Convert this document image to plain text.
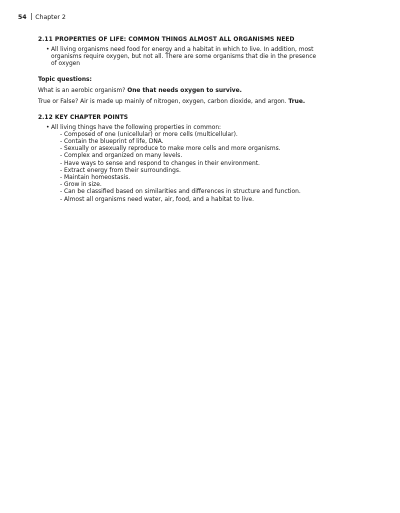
54 Chapter 2
2.11 PROPERTIES OF LIFE: COMMON THINGS ALMOST ALL ORGANISMS NEED
• All living organisms need food for energy and a habitat in which to live. In addition, most
organisms require oxygen, but not all. There are some organisms that die in the presence
of oxygen
Topic questions:

What is an aerobic organism? One that needs oxygen to survive.

True or False? Air is made up mainly of nitrogen, oxygen, carbon dioxide, and argon. True.

2.12 KEY CHAPTER POINTS
• All living things have the following properties in common:
- Composed of one (unicellular) or more cells (multicellular).
- Contain the blueprint of life, DNA.
- Sexually or asexually reproduce to make more cells and more organisms.
- Complex and organized on many levels.
- Have ways to sense and respond to changes in their environment.
- Extract energy from their surroundings.
- Maintain homeostasis.
- Grow in size.
- Can be classified based on similarities and differences in structure and function.
- Almost all organisms need water, air, food, and a habitat to live.
